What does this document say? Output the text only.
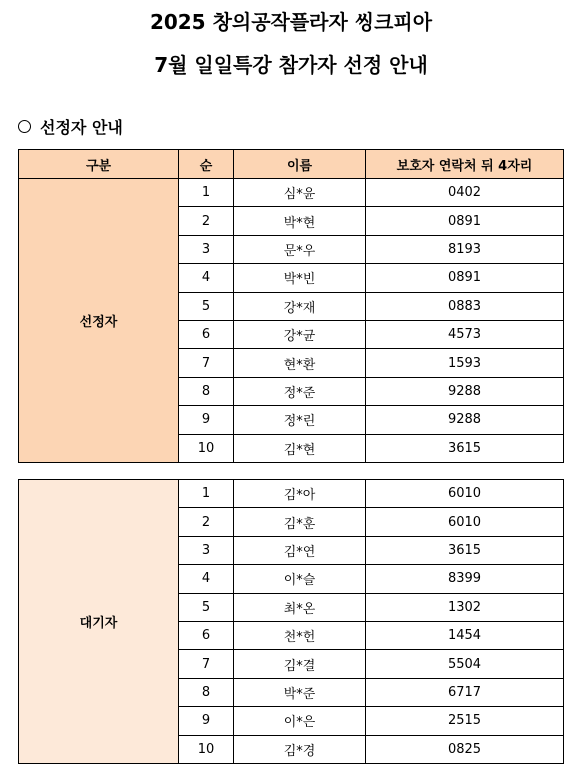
2025 창의공작플라자 씽크피아
7월 일일특강 참가자 선정 안내
선정자 안내
구분	순	이름	보호자 연락처 뒤 4자리
선정자	1	심*윤	0402
	2	박*현	0891
	3	문*우	8193
	4	박*빈	0891
	5	강*재	0883
	6	강*균	4573
	7	현*환	1593
	8	정*준	9288
	9	정*린	9288
	10	김*현	3615
대기자	1	김*아	6010
	2	김*훈	6010
	3	김*연	3615
	4	이*슬	8399
	5	최*온	1302
	6	천*헌	1454
	7	김*결	5504
	8	박*준	6717
	9	이*은	2515
	10	김*경	0825
